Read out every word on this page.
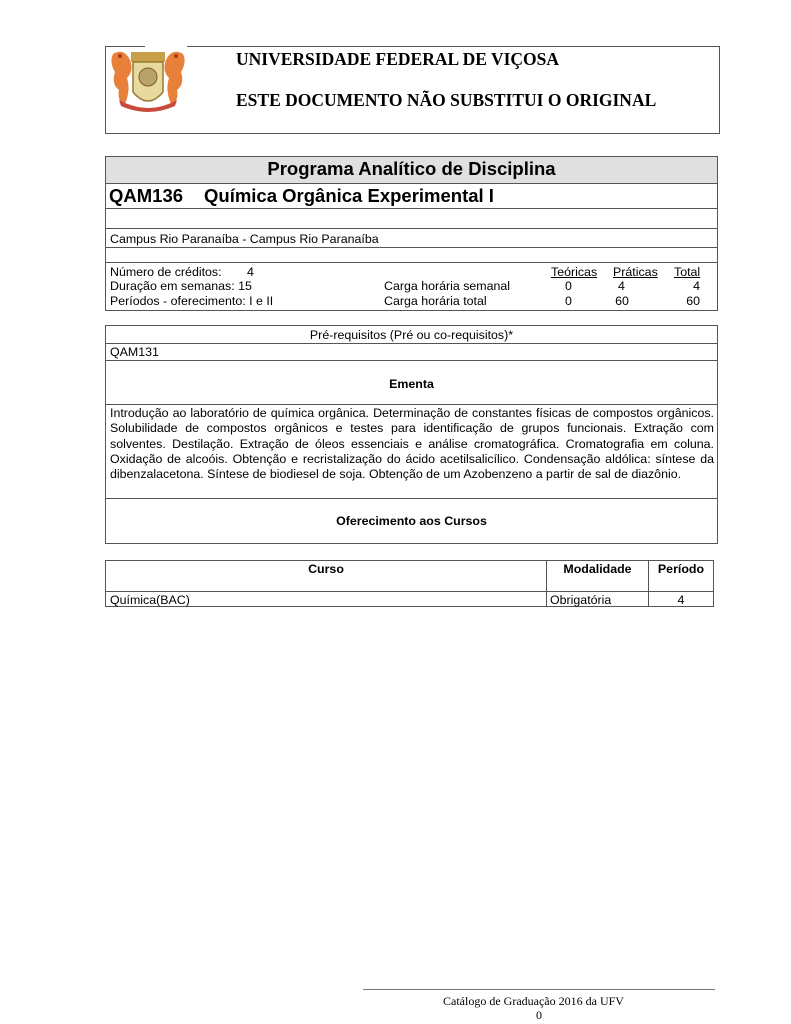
UNIVERSIDADE FEDERAL DE VIÇOSA
ESTE DOCUMENTO NÃO SUBSTITUI O ORIGINAL
Programa Analítico de Disciplina
QAM136 Química Orgânica Experimental I
Campus Rio Paranaíba - Campus Rio Paranaíba
Número de créditos: 4	Teóricas Práticas Total
Duração em semanas: 15	Carga horária semanal	0	4	4
Períodos - oferecimento: I e II	Carga horária total	0	60	60
Pré-requisitos (Pré ou co-requisitos)*
QAM131
Ementa
Introdução ao laboratório de química orgânica. Determinação de constantes físicas de compostos orgânicos. Solubilidade de compostos orgânicos e testes para identificação de grupos funcionais. Extração com solventes. Destilação. Extração de óleos essenciais e análise cromatográfica. Cromatografia em coluna. Oxidação de alcoóis. Obtenção e recristalização do ácido acetilsalicílico. Condensação aldólica: síntese da dibenzalacetona. Síntese de biodiesel de soja. Obtenção de um Azobenzeno a partir de sal de diazônio.
Oferecimento aos Cursos
Curso	Modalidade	Período
Química(BAC)	Obrigatória	4
Catálogo de Graduação 2016 da UFV
0
